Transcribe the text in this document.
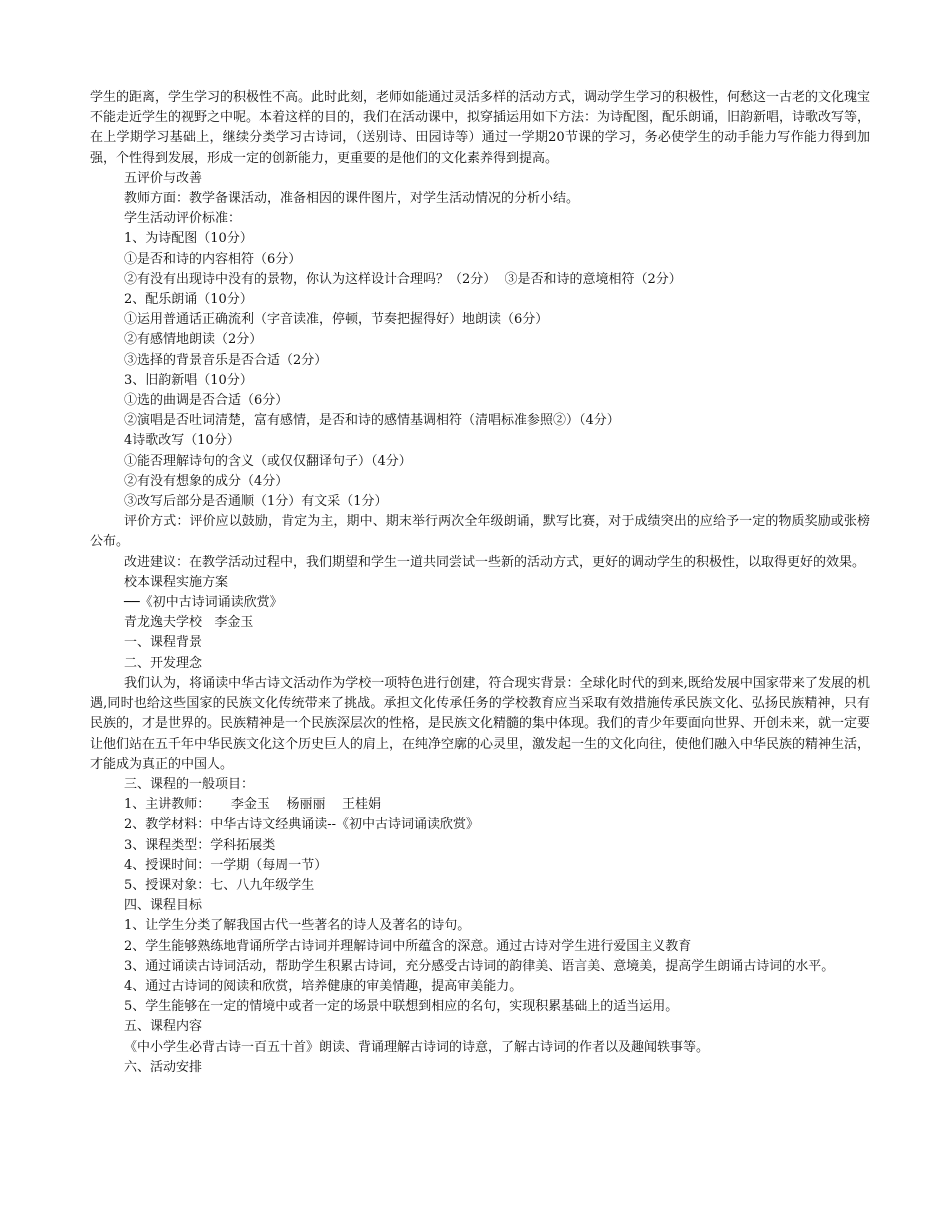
学生的距离，学生学习的积极性不高。此时此刻，老师如能通过灵活多样的活动方式，调动学生学习的积极性，何愁这一古老的文化瑰宝不能走近学生的视野之中呢。本着这样的目的，我们在活动课中，拟穿插运用如下方法：为诗配图，配乐朗诵，旧韵新唱，诗歌改写等，在上学期学习基础上，继续分类学习古诗词，（送别诗、田园诗等）通过一学期20节课的学习，务必使学生的动手能力写作能力得到加强，个性得到发展，形成一定的创新能力，更重要的是他们的文化素养得到提高。

五评价与改善

教师方面：教学备课活动，准备相因的课件图片，对学生活动情况的分析小结。

学生活动评价标准：

1、为诗配图（10分）

①是否和诗的内容相符（6分）

②有没有出现诗中没有的景物，你认为这样设计合理吗？（2分）  ③是否和诗的意境相符（2分）

2、配乐朗诵（10分）

①运用普通话正确流利（字音读准，停顿，节奏把握得好）地朗读（6分）

②有感情地朗读（2分）

③选择的背景音乐是否合适（2分）

3、旧韵新唱（10分）

①选的曲调是否合适（6分）

②演唱是否吐词清楚，富有感情，是否和诗的感情基调相符（清唱标准参照②）（4分）

4诗歌改写（10分）

①能否理解诗句的含义（或仅仅翻译句子）（4分）

②有没有想象的成分（4分）

③改写后部分是否通顺（1分）有文采（1分）

评价方式：评价应以鼓励，肯定为主，期中、期末举行两次全年级朗诵，默写比赛，对于成绩突出的应给予一定的物质奖励或张榜公布。

改进建议：在教学活动过程中，我们期望和学生一道共同尝试一些新的活动方式，更好的调动学生的积极性，以取得更好的效果。

校本课程实施方案

──《初中古诗词诵读欣赏》

青龙逸夫学校   李金玉

一、课程背景

二、开发理念

我们认为，将诵读中华古诗文活动作为学校一项特色进行创建，符合现实背景：全球化时代的到来,既给发展中国家带来了发展的机遇,同时也给这些国家的民族文化传统带来了挑战。承担文化传承任务的学校教育应当采取有效措施传承民族文化、弘扬民族精神，只有民族的，才是世界的。民族精神是一个民族深层次的性格，是民族文化精髓的集中体现。我们的青少年要面向世界、开创未来，就一定要让他们站在五千年中华民族文化这个历史巨人的肩上，在纯净空廓的心灵里，激发起一生的文化向往，使他们融入中华民族的精神生活，才能成为真正的中国人。

三、课程的一般项目：

1、主讲教师：     李金玉    杨丽丽    王桂娟

2、教学材料：中华古诗文经典诵读--《初中古诗词诵读欣赏》

3、课程类型：学科拓展类

4、授课时间：一学期（每周一节）

5、授课对象：七、八九年级学生

四、课程目标

1、让学生分类了解我国古代一些著名的诗人及著名的诗句。

2、学生能够熟练地背诵所学古诗词并理解诗词中所蕴含的深意。通过古诗对学生进行爱国主义教育

3、通过诵读古诗词活动，帮助学生积累古诗词，充分感受古诗词的韵律美、语言美、意境美，提高学生朗诵古诗词的水平。

4、通过古诗词的阅读和欣赏，培养健康的审美情趣，提高审美能力。

5、学生能够在一定的情境中或者一定的场景中联想到相应的名句，实现积累基础上的适当运用。

五、课程内容

《中小学生必背古诗一百五十首》朗读、背诵理解古诗词的诗意，了解古诗词的作者以及趣闻轶事等。

六、活动安排
